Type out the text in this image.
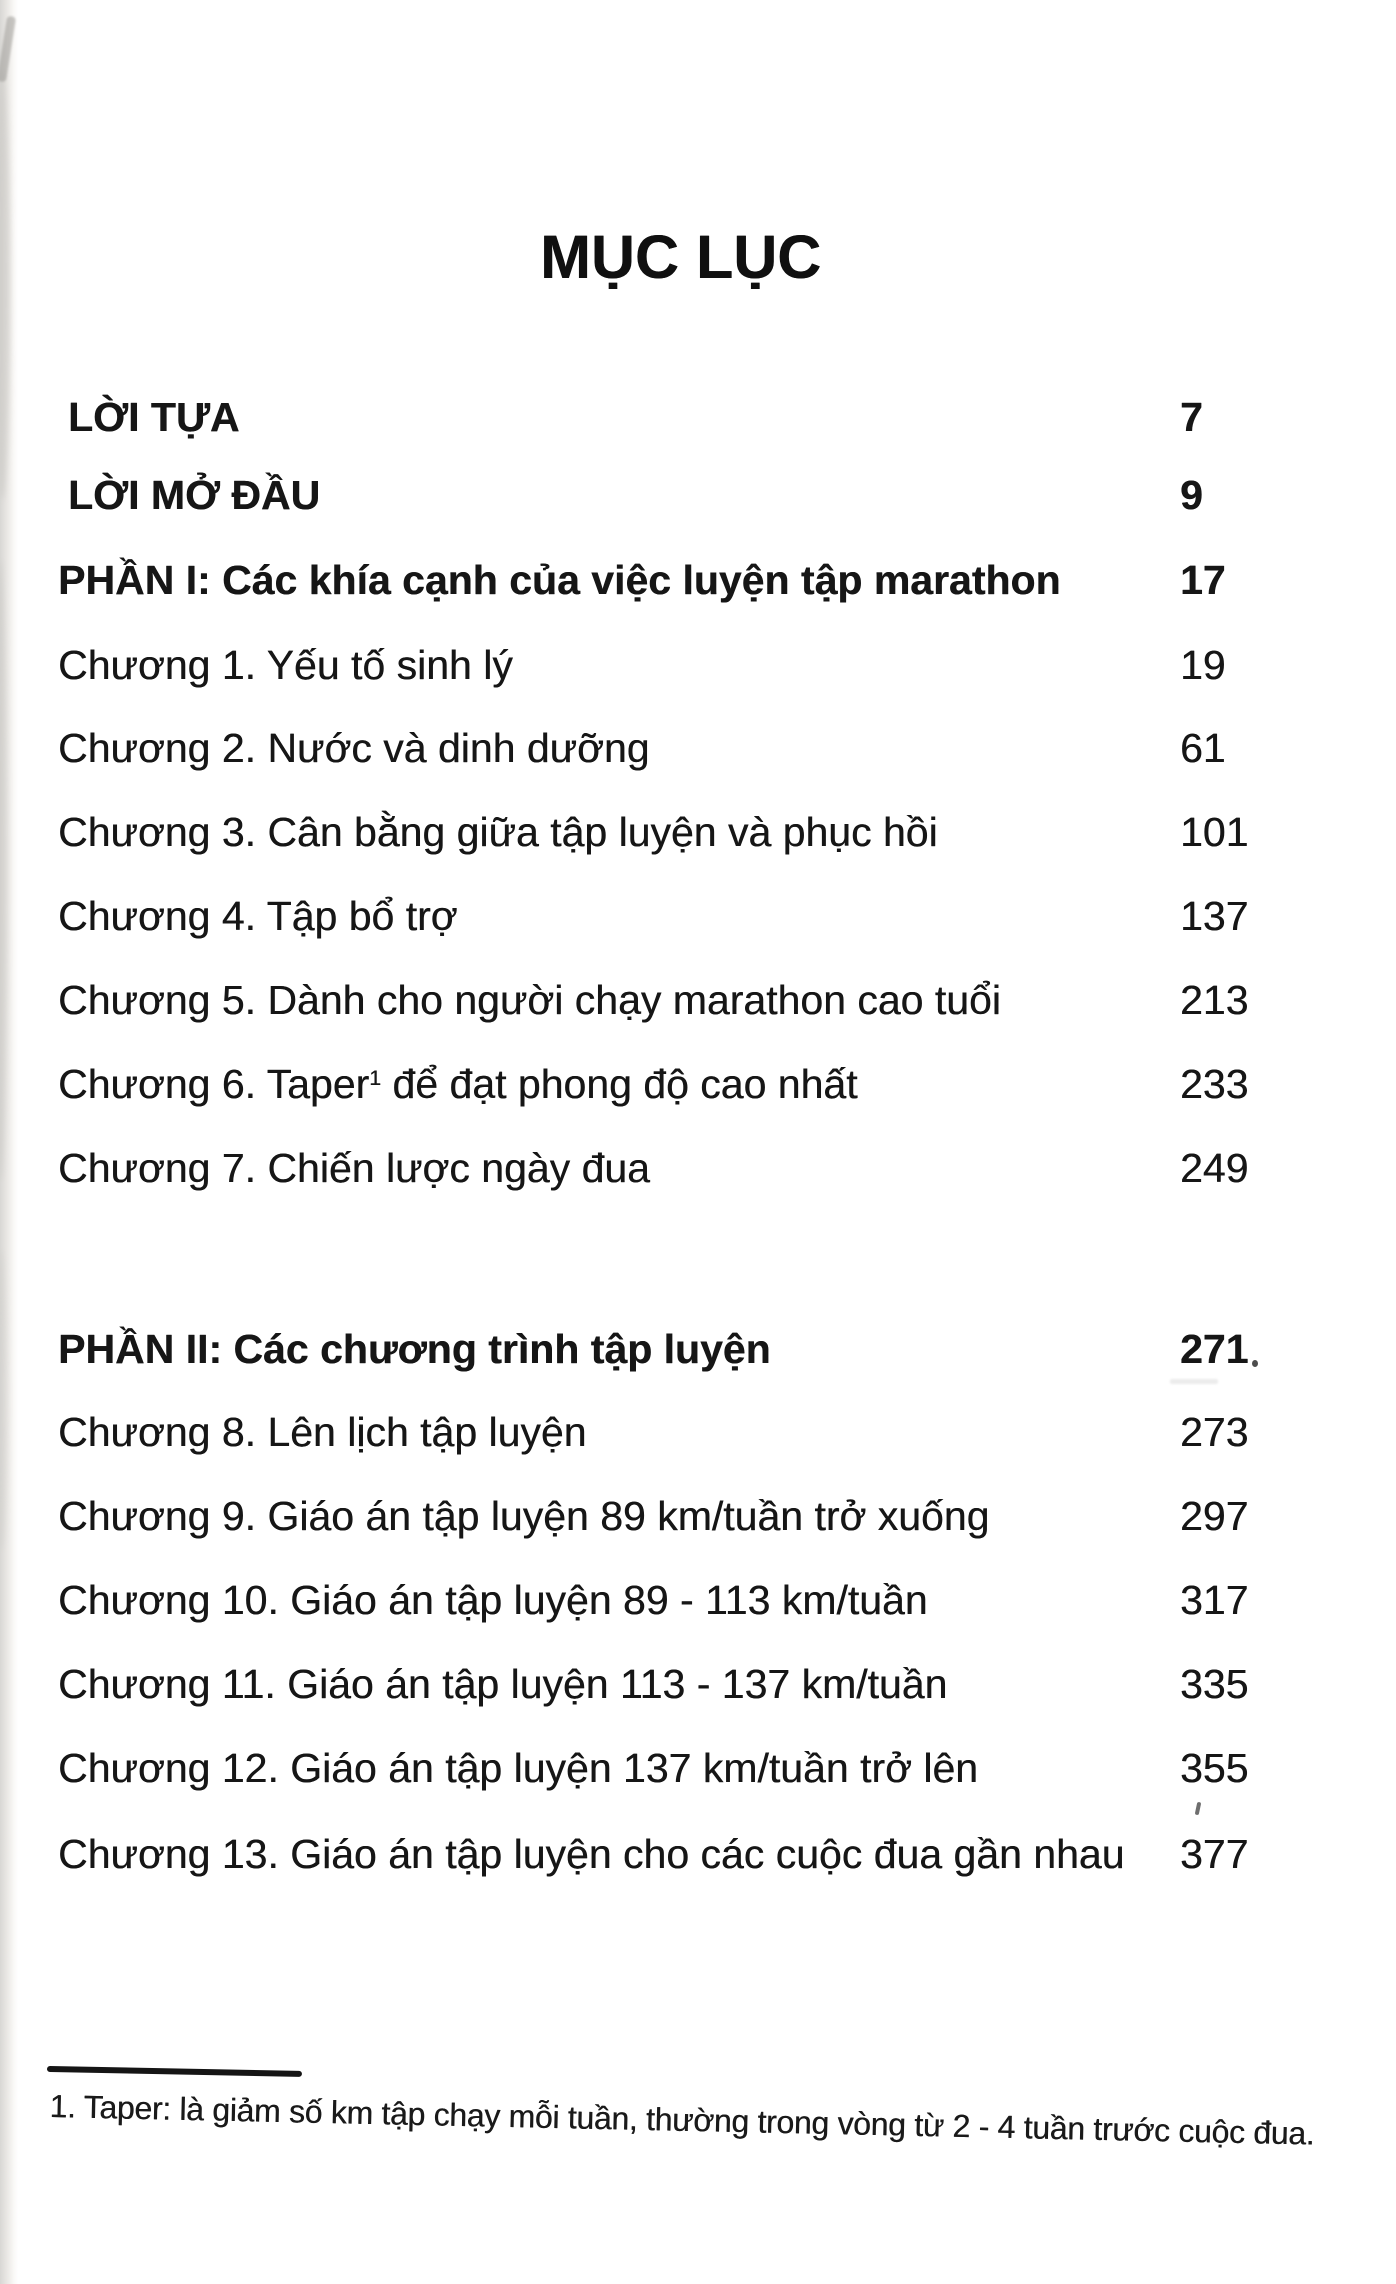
MỤC LỤC
LỜI TỰA	7
LỜI MỞ ĐẦU	9
PHẦN I: Các khía cạnh của việc luyện tập marathon	17
Chương 1. Yếu tố sinh lý	19
Chương 2. Nước và dinh dưỡng	61
Chương 3. Cân bằng giữa tập luyện và phục hồi	101
Chương 4. Tập bổ trợ	137
Chương 5. Dành cho người chạy marathon cao tuổi	213
Chương 6. Taper$^1$ để đạt phong độ cao nhất	233
Chương 7. Chiến lược ngày đua	249
PHẦN II: Các chương trình tập luyện	271
Chương 8. Lên lịch tập luyện	273
Chương 9. Giáo án tập luyện 89 km/tuần trở xuống	297
Chương 10. Giáo án tập luyện 89 - 113 km/tuần	317
Chương 11. Giáo án tập luyện 113 - 137 km/tuần	335
Chương 12. Giáo án tập luyện 137 km/tuần trở lên	355
Chương 13. Giáo án tập luyện cho các cuộc đua gần nhau 377
1. Taper: là giảm số km tập chạy mỗi tuần, thường trong vòng từ 2 - 4 tuần trước cuộc đua.
